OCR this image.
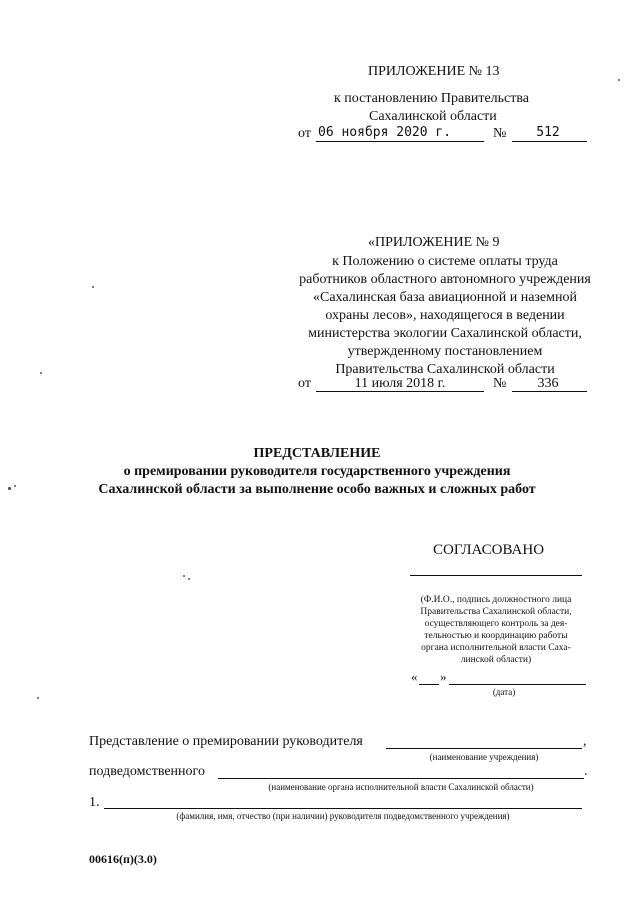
ПРИЛОЖЕНИЕ № 13
к постановлению Правительства
Сахалинской области
от 06 ноября 2020 г.	№	512
«ПРИЛОЖЕНИЕ № 9
к Положению о системе оплаты труда
работников областного автономного учреждения
«Сахалинская база авиационной и наземной
охраны лесов», находящегося в ведении
министерства экологии Сахалинской области,
утвержденному постановлением
Правительства Сахалинской области
от	11 июля 2018 г.	№	336
ПРЕДСТАВЛЕНИЕ
о премировании руководителя государственного учреждения
Сахалинской области за выполнение особо важных и сложных работ
СОГЛАСОВАНО
(Ф.И.О., подпись должностного лица
Правительства Сахалинской области,
осуществляющего контроль за дея-
тельностью и координацию работы
органа исполнительной власти Саха-
линской области)
« »
(дата)
Представление о премировании руководителя	,
(наименование учреждения)
подведомственного	.
(наименование органа исполнительной власти Сахалинской области)
1.
(фамилия, имя, отчество (при наличии) руководителя подведомственного учреждения)
00616(п)(3.0)
